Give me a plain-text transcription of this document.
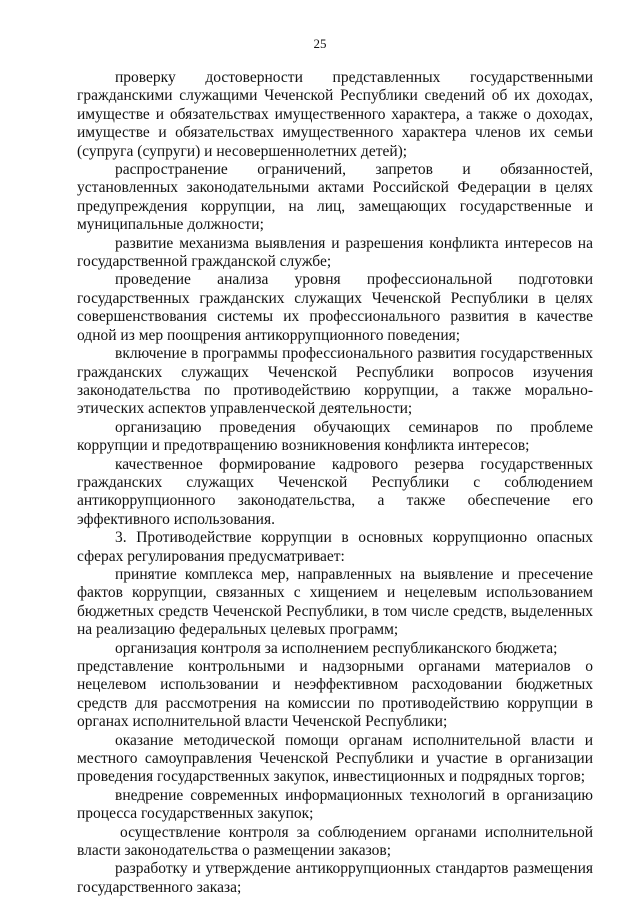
25

проверку достоверности представленных государственными гражданскими служащими Чеченской Республики сведений об их доходах, имуществе и обязательствах имущественного характера, а также о доходах, имуществе и обязательствах имущественного характера членов их семьи (супруга (супруги) и несовершеннолетних детей);

распространение ограничений, запретов и обязанностей, установленных законодательными актами Российской Федерации в целях предупреждения коррупции, на лиц, замещающих государственные и муниципальные должности;

развитие механизма выявления и разрешения конфликта интересов на государственной гражданской службе;

проведение анализа уровня профессиональной подготовки государственных гражданских служащих Чеченской Республики в целях совершенствования системы их профессионального развития в качестве одной из мер поощрения антикоррупционного поведения;

включение в программы профессионального развития государственных гражданских служащих Чеченской Республики вопросов изучения законодательства по противодействию коррупции, а также морально-этических аспектов управленческой деятельности;

организацию проведения обучающих семинаров по проблеме коррупции и предотвращению возникновения конфликта интересов;

качественное формирование кадрового резерва государственных гражданских служащих Чеченской Республики с соблюдением антикоррупционного законодательства, а также обеспечение его эффективного использования.

3. Противодействие коррупции в основных коррупционно опасных сферах регулирования предусматривает:

принятие комплекса мер, направленных на выявление и пресечение фактов коррупции, связанных с хищением и нецелевым использованием бюджетных средств Чеченской Республики, в том числе средств, выделенных на реализацию федеральных целевых программ;

организация контроля за исполнением республиканского бюджета;

представление контрольными и надзорными органами материалов о нецелевом использовании и неэффективном расходовании бюджетных средств для рассмотрения на комиссии по противодействию коррупции в органах исполнительной власти Чеченской Республики;

оказание методической помощи органам исполнительной власти и местного самоуправления Чеченской Республики и участие в организации проведения государственных закупок, инвестиционных и подрядных торгов;

внедрение современных информационных технологий в организацию процесса государственных закупок;

осуществление контроля за соблюдением органами исполнительной власти законодательства о размещении заказов;

разработку и утверждение антикоррупционных стандартов размещения государственного заказа;
